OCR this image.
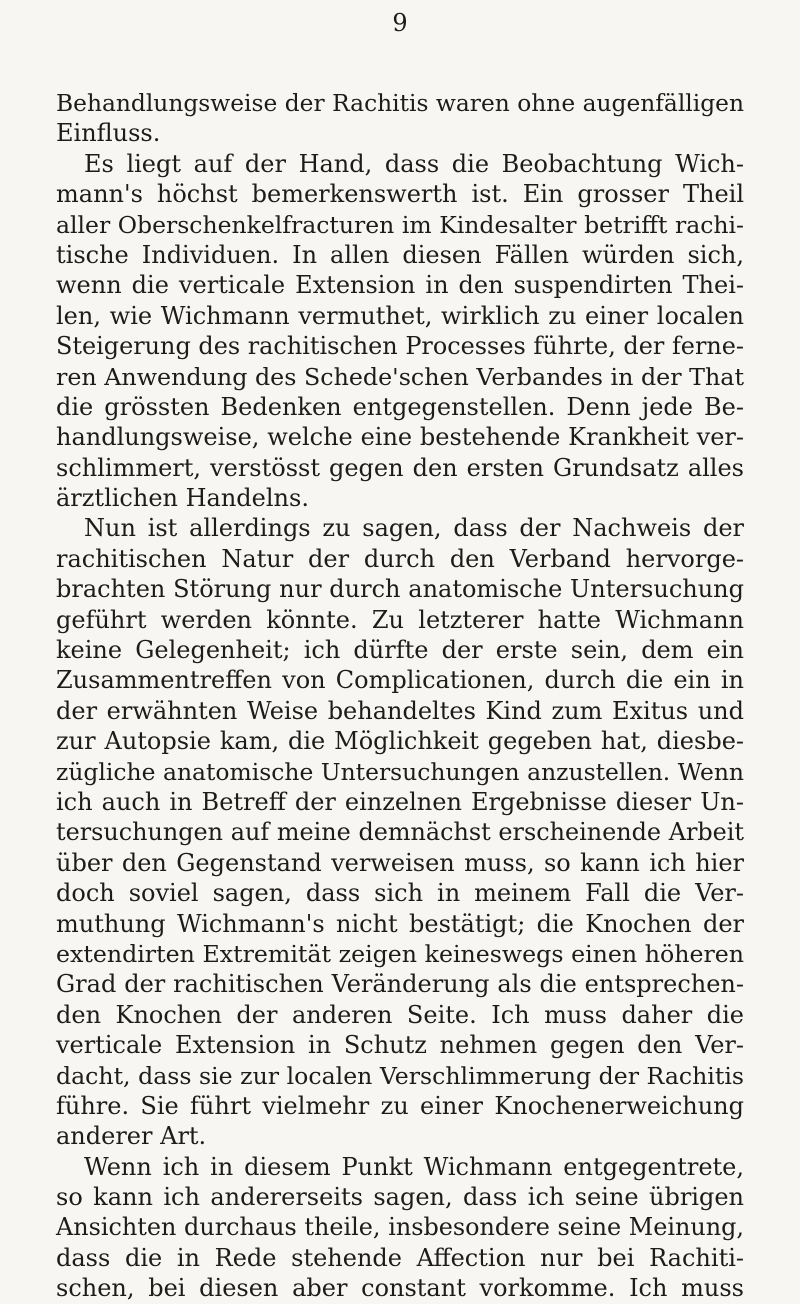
9
Behandlungsweise der Rachitis waren ohne augenfälligen
Einfluss.
Es liegt auf der Hand, dass die Beobachtung Wich-
mann's höchst bemerkenswerth ist. Ein grosser Theil
aller Oberschenkelfracturen im Kindesalter betrifft rachi-
tische Individuen. In allen diesen Fällen würden sich,
wenn die verticale Extension in den suspendirten Thei-
len, wie Wichmann vermuthet, wirklich zu einer localen
Steigerung des rachitischen Processes führte, der ferne-
ren Anwendung des Schede'schen Verbandes in der That
die grössten Bedenken entgegenstellen. Denn jede Be-
handlungsweise, welche eine bestehende Krankheit ver-
schlimmert, verstösst gegen den ersten Grundsatz alles
ärztlichen Handelns.
Nun ist allerdings zu sagen, dass der Nachweis der
rachitischen Natur der durch den Verband hervorge-
brachten Störung nur durch anatomische Untersuchung
geführt werden könnte. Zu letzterer hatte Wichmann
keine Gelegenheit; ich dürfte der erste sein, dem ein
Zusammentreffen von Complicationen, durch die ein in
der erwähnten Weise behandeltes Kind zum Exitus und
zur Autopsie kam, die Möglichkeit gegeben hat, diesbe-
zügliche anatomische Untersuchungen anzustellen. Wenn
ich auch in Betreff der einzelnen Ergebnisse dieser Un-
tersuchungen auf meine demnächst erscheinende Arbeit
über den Gegenstand verweisen muss, so kann ich hier
doch soviel sagen, dass sich in meinem Fall die Ver-
muthung Wichmann's nicht bestätigt; die Knochen der
extendirten Extremität zeigen keineswegs einen höheren
Grad der rachitischen Veränderung als die entsprechen-
den Knochen der anderen Seite. Ich muss daher die
verticale Extension in Schutz nehmen gegen den Ver-
dacht, dass sie zur localen Verschlimmerung der Rachitis
führe. Sie führt vielmehr zu einer Knochenerweichung
anderer Art.
Wenn ich in diesem Punkt Wichmann entgegentrete,
so kann ich andererseits sagen, dass ich seine übrigen
Ansichten durchaus theile, insbesondere seine Meinung,
dass die in Rede stehende Affection nur bei Rachiti-
schen, bei diesen aber constant vorkomme. Ich muss
